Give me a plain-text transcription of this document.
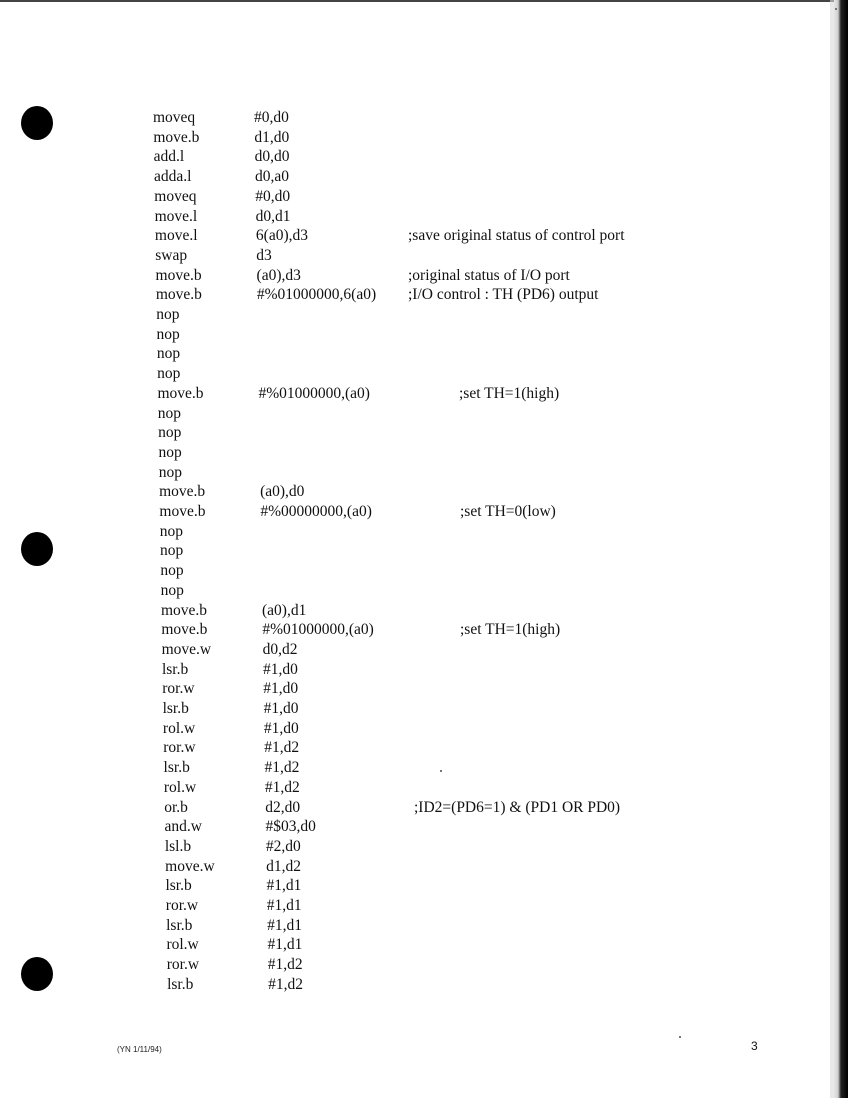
moveq	#0,d0
move.b	d1,d0
add.l	d0,d0
adda.l	d0,a0
moveq	#0,d0
move.l	d0,d1
move.l	6(a0),d3	;save original status of control port
swap	d3
move.b	(a0),d3	;original status of I/O port
move.b	#%01000000,6(a0) ;I/O control : TH (PD6) output
nop
nop
nop
nop
move.b	#%01000000,(a0)	;set TH=1(high)
nop
nop
nop
nop
move.b	(a0),d0
move.b	#%00000000,(a0)	;set TH=0(low)
nop
nop
nop
nop
move.b	(a0),d1
move.b	#%01000000,(a0)	;set TH=1(high)
move.w	d0,d2
lsr.b	#1,d0
ror.w	#1,d0
lsr.b	#1,d0
rol.w	#1,d0
ror.w	#1,d2
lsr.b	#1,d2
rol.w	#1,d2
or.b	d2,d0	;ID2=(PD6=1) & (PD1 OR PD0)
and.w	#$03,d0
lsl.b	#2,d0
move.w	d1,d2
lsr.b	#1,d1
ror.w	#1,d1
lsr.b	#1,d1
rol.w	#1,d1
ror.w	#1,d2
lsr.b	#1,d2
(YN 1/11/94)	3
